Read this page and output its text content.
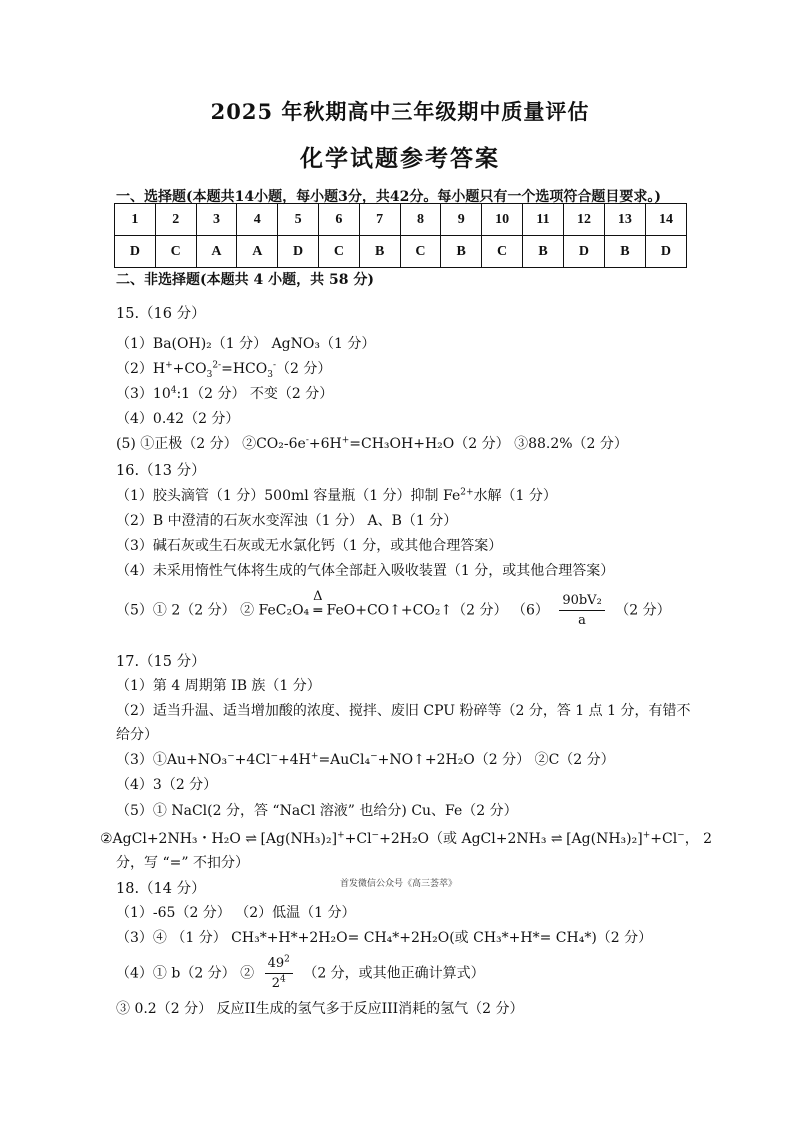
2025 年秋期高中三年级期中质量评估
化学试题参考答案
一、选择题(本题共14小题，每小题3分，共42分。每小题只有一个选项符合题目要求。)
1	2	3	4	5	6	7	8	9	10	11	12	13	14
D	C	A	A	D	C	B	C	B	C	B	D	B	D
二、非选择题(本题共 4 小题，共 58 分)
15.（16 分）
（1）Ba(OH)₂（1 分） AgNO₃（1 分）
$(2)H^++CO_3^{2-}=HCO_3^-(2$ 分）
$(3)10^4:1(2$ 分） 不变（2 分）
（4）0.42（2 分）
(5) ①正极（2 分） ②CO₂-6e-+6H+=CH₃OH+H₂O（2 分） ③88.2%（2 分）
16.（13 分）
（1）胶头滴管（1 分）500ml 容量瓶（1 分）抑制 $Fe^{2+}$水解（1 分）
（2）B 中澄清的石灰水变浑浊（1 分） A、B（1 分）
（3）碱石灰或生石灰或无水氯化钙（1 分，或其他合理答案）
（4）未采用惰性气体将生成的气体全部赶入吸收装置（1 分，或其他合理答案）
（5）① 2（2 分） ② FeC₂O₄
Δ
═ FeO+CO↑+CO₂↑（2 分） $(6) \frac{\text{90bV₂}}{a} (2$ 分）
17.（15 分）
（1）第 4 周期第 IB 族（1 分）
（2）适当升温、适当增加酸的浓度、搅拌、废旧 CPU 粉碎等（2 分，答 1 点 1 分，有错不
给分）
（3）①Au+NO₃−+4Cl−+4H+=AuCl₄−+NO↑+2H₂O（2 分） ②C（2 分）
（4）3（2 分）
（5）① NaCl(2 分，答 “NaCl 溶液” 也给分) Cu、Fe（2 分）
②AgCl+2NH₃・H₂O ⇌ [Ag(NH₃)₂]++Cl−+2H₂O（或 AgCl+2NH₃ ⇌ [Ag(NH₃)₂]++Cl−， 2
分，写 “=” 不扣分）
首发微信公众号《高三荟萃》
18.（14 分）
（1）-65（2 分） （2）低温（1 分）
（3）④ （1 分） CH₃*+H*+2H₂O= CH₄*+2H₂O(或 CH₃*+H*= CH₄*)（2 分）
（4）① b（2 分） ② $\frac{49^2}{2^4} (2$ 分，或其他正确计算式）
③ 0.2（2 分） 反应II生成的氢气多于反应III消耗的氢气（2 分）
